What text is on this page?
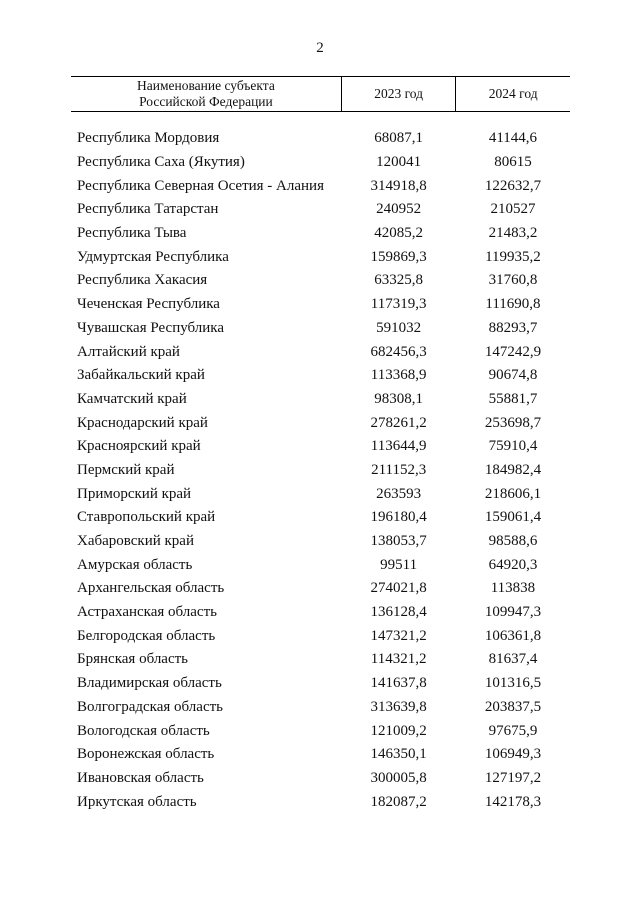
2
Наименование субъекта
Российской Федерации	2023 год	2024 год

Республика Мордовия	68087,1	41144,6
Республика Саха (Якутия)	120041	80615
Республика Северная Осетия - Алания	314918,8	122632,7
Республика Татарстан	240952	210527
Республика Тыва	42085,2	21483,2
Удмуртская Республика	159869,3	119935,2
Республика Хакасия	63325,8	31760,8
Чеченская Республика	117319,3	111690,8
Чувашская Республика	591032	88293,7
Алтайский край	682456,3	147242,9
Забайкальский край	113368,9	90674,8
Камчатский край	98308,1	55881,7
Краснодарский край	278261,2	253698,7
Красноярский край	113644,9	75910,4
Пермский край	211152,3	184982,4
Приморский край	263593	218606,1
Ставропольский край	196180,4	159061,4
Хабаровский край	138053,7	98588,6
Амурская область	99511	64920,3
Архангельская область	274021,8	113838
Астраханская область	136128,4	109947,3
Белгородская область	147321,2	106361,8
Брянская область	114321,2	81637,4
Владимирская область	141637,8	101316,5
Волгоградская область	313639,8	203837,5
Вологодская область	121009,2	97675,9
Воронежская область	146350,1	106949,3
Ивановская область	300005,8	127197,2
Иркутская область	182087,2	142178,3
